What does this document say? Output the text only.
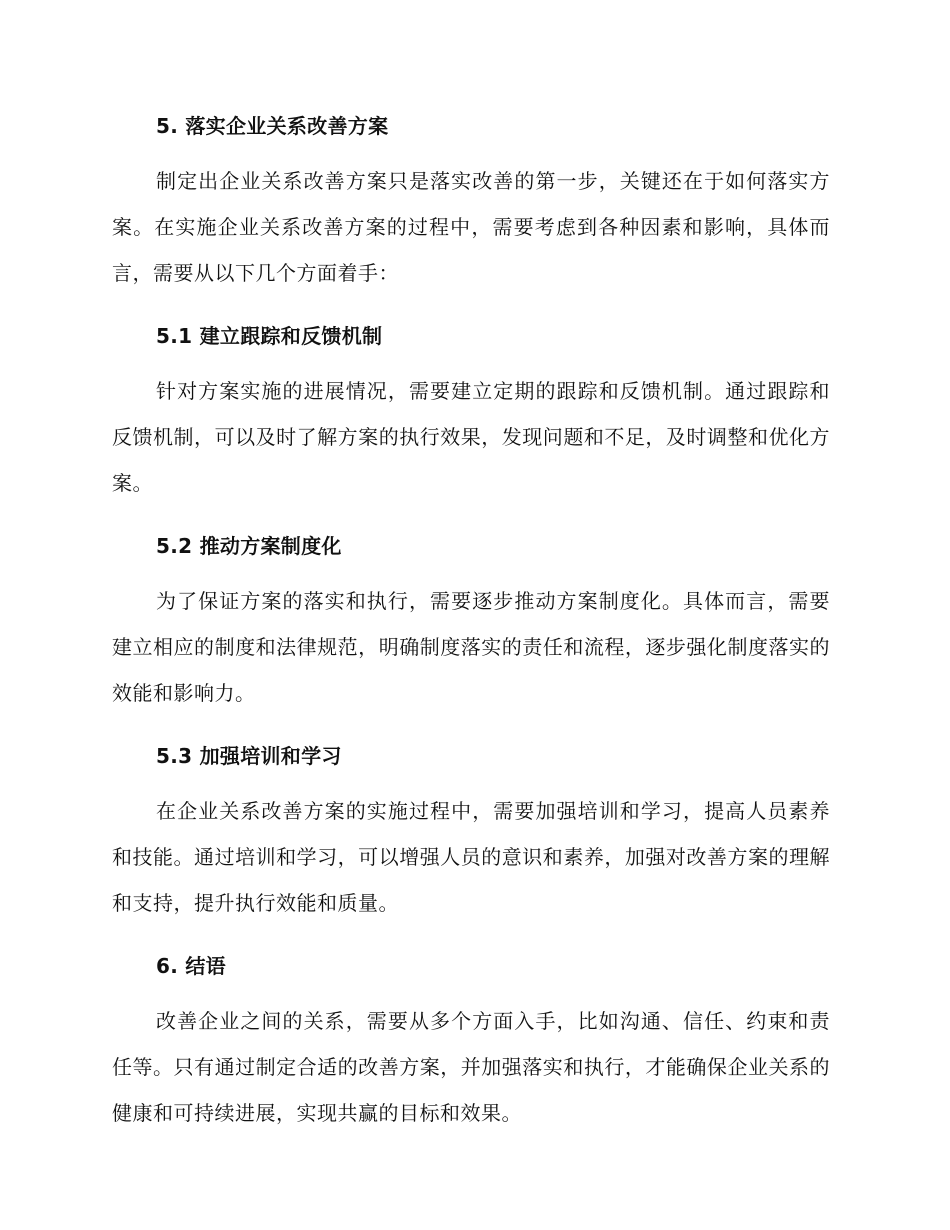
5. 落实企业关系改善方案

制定出企业关系改善方案只是落实改善的第一步，关键还在于如何落实方案。在实施企业关系改善方案的过程中，需要考虑到各种因素和影响，具体而言，需要从以下几个方面着手：

5.1 建立跟踪和反馈机制

针对方案实施的进展情况，需要建立定期的跟踪和反馈机制。通过跟踪和反馈机制，可以及时了解方案的执行效果，发现问题和不足，及时调整和优化方案。

5.2 推动方案制度化

为了保证方案的落实和执行，需要逐步推动方案制度化。具体而言，需要建立相应的制度和法律规范，明确制度落实的责任和流程，逐步强化制度落实的效能和影响力。

5.3 加强培训和学习

在企业关系改善方案的实施过程中，需要加强培训和学习，提高人员素养和技能。通过培训和学习，可以增强人员的意识和素养，加强对改善方案的理解和支持，提升执行效能和质量。

6. 结语

改善企业之间的关系，需要从多个方面入手，比如沟通、信任、约束和责任等。只有通过制定合适的改善方案，并加强落实和执行，才能确保企业关系的健康和可持续进展，实现共赢的目标和效果。
